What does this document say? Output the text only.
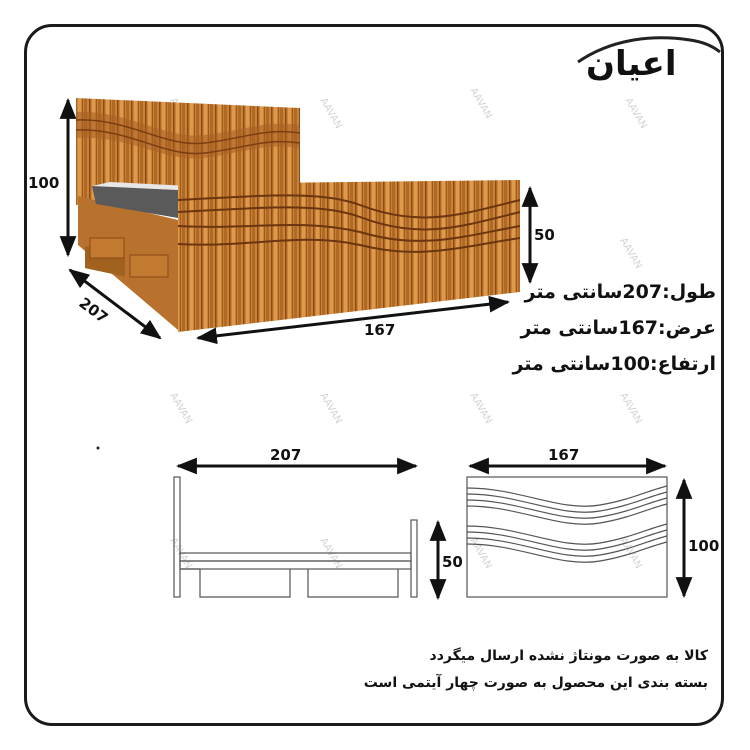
AAVAN	AAVAN	AAVAN
AAVAN
AAVAN	AAVAN	AAVAN	AAVAN
AAVAN	AAVAN	AAVAN	AAVAN
100
50
207
167
207
50
167
100
اعیان
طول:207سانتی متر
عرض:167سانتی متر
ارتفاع:100سانتی متر
کالا به صورت مونتاژ نشده ارسال میگردد
بسته بندی این محصول به صورت چهار آیتمی است
